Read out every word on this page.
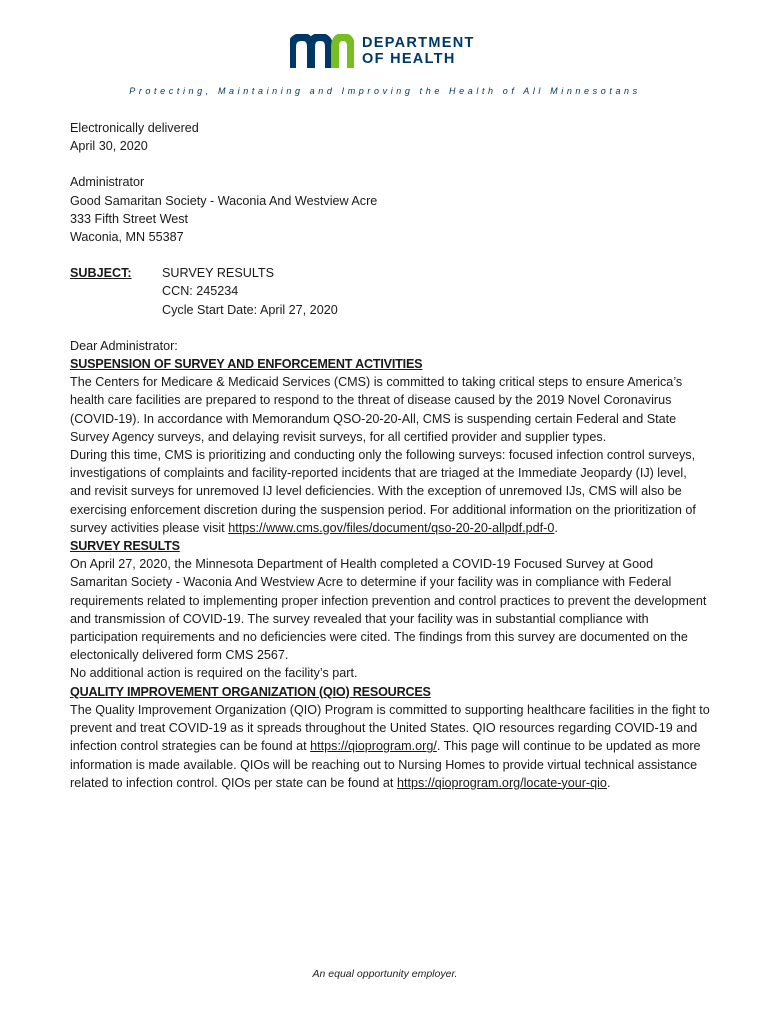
DEPARTMENT
OF HEALTH
Protecting, Maintaining and Improving the Health of All Minnesotans
Electronically delivered
April 30, 2020
Administrator
Good Samaritan Society - Waconia And Westview Acre
333 Fifth Street West
Waconia, MN 55387
SUBJECT:	SURVEY RESULTS
CCN: 245234
Cycle Start Date: April 27, 2020

Dear Administrator:

SUSPENSION OF SURVEY AND ENFORCEMENT ACTIVITIES

The Centers for Medicare & Medicaid Services (CMS) is committed to taking critical steps to ensure America’s health care facilities are prepared to respond to the threat of disease caused by the 2019 Novel Coronavirus (COVID-19). In accordance with Memorandum QSO-20-20-All, CMS is suspending certain Federal and State Survey Agency surveys, and delaying revisit surveys, for all certified provider and supplier types.

During this time, CMS is prioritizing and conducting only the following surveys: focused infection control surveys, investigations of complaints and facility-reported incidents that are triaged at the Immediate Jeopardy (IJ) level, and revisit surveys for unremoved IJ level deficiencies. With the exception of unremoved IJs, CMS will also be exercising enforcement discretion during the suspension period. For additional information on the prioritization of survey activities please visit https://www.cms.gov/files/document/qso-20-20-allpdf.pdf-0.

SURVEY RESULTS

On April 27, 2020, the Minnesota Department of Health completed a COVID-19 Focused Survey at Good Samaritan Society - Waconia And Westview Acre to determine if your facility was in compliance with Federal requirements related to implementing proper infection prevention and control practices to prevent the development and transmission of COVID-19. The survey revealed that your facility was in substantial compliance with participation requirements and no deficiencies were cited. The findings from this survey are documented on the electonically delivered form CMS 2567.

No additional action is required on the facility’s part.

QUALITY IMPROVEMENT ORGANIZATION (QIO) RESOURCES

The Quality Improvement Organization (QIO) Program is committed to supporting healthcare facilities in the fight to prevent and treat COVID-19 as it spreads throughout the United States. QIO resources regarding COVID-19 and infection control strategies can be found at https://qioprogram.org/. This page will continue to be updated as more information is made available. QIOs will be reaching out to Nursing Homes to provide virtual technical assistance related to infection control. QIOs per state can be found at https://qioprogram.org/locate-your-qio.

An equal opportunity employer.
